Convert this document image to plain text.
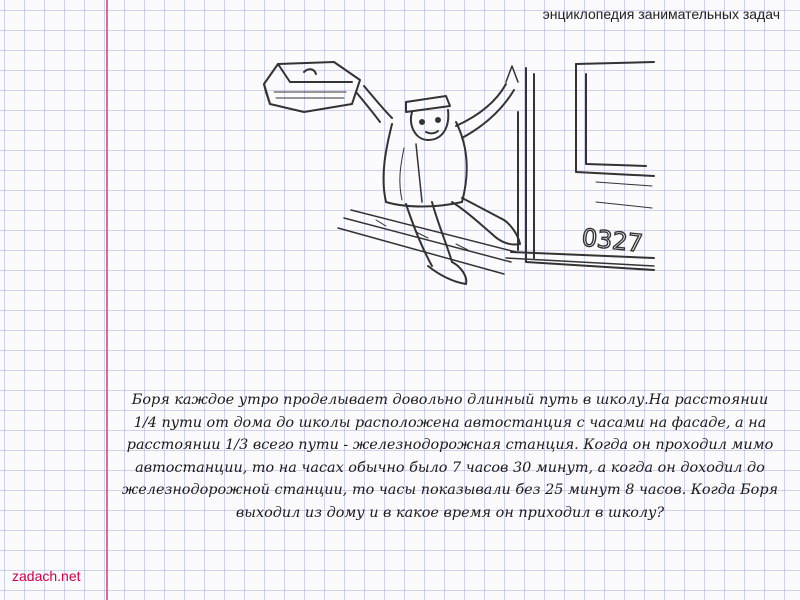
энциклопедия занимательных задач
0327

Боря каждое утро проделывает довольно длинный путь в школу.На расстоянии 1/4 пути от дома до школы расположена автостанция с часами на фасаде, а на расстоянии 1/3 всего пути - железнодорожная станция. Когда он проходил мимо автостанции, то на часах обычно было 7 часов 30 минут, а когда он доходил до железнодорожной станции, то часы показывали без 25 минут 8 часов. Когда Боря выходил из дому и в какое время он приходил в школу?

zadach.net
